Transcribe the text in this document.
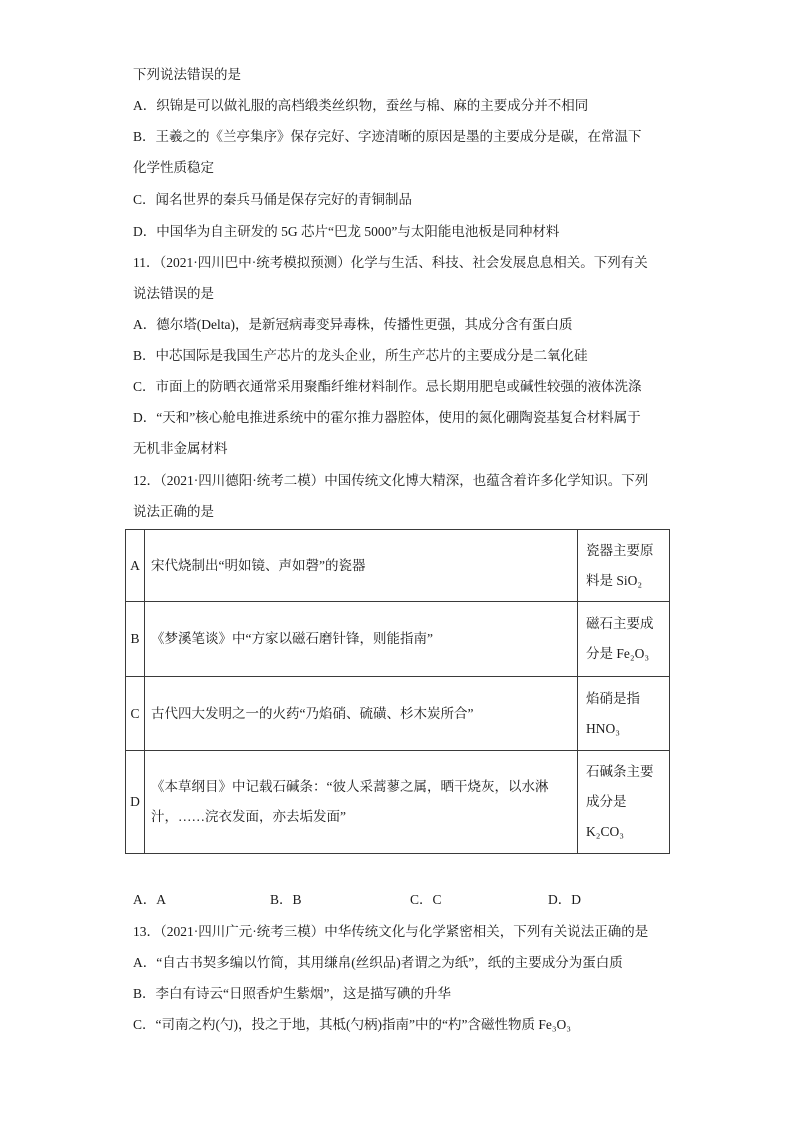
下列说法错误的是
A．织锦是可以做礼服的高档缎类丝织物，蚕丝与棉、麻的主要成分并不相同
B．王羲之的《兰亭集序》保存完好、字迹清晰的原因是墨的主要成分是碳，在常温下
化学性质稳定
C．闻名世界的秦兵马俑是保存完好的青铜制品
D．中国华为自主研发的 5G 芯片“巴龙 5000”与太阳能电池板是同种材料
11．（2021·四川巴中·统考模拟预测）化学与生活、科技、社会发展息息相关。下列有关
说法错误的是
A．德尔塔(Delta)，是新冠病毒变异毒株，传播性更强，其成分含有蛋白质
B．中芯国际是我国生产芯片的龙头企业，所生产芯片的主要成分是二氧化硅
C．市面上的防晒衣通常采用聚酯纤维材料制作。忌长期用肥皂或碱性较强的液体洗涤
D．“天和”核心舱电推进系统中的霍尔推力器腔体，使用的氮化硼陶瓷基复合材料属于
无机非金属材料
12．（2021·四川德阳·统考二模）中国传统文化博大精深，也蕴含着许多化学知识。下列
说法正确的是
A	宋代烧制出“明如镜、声如磬”的瓷器	瓷器主要原料是 SiO₂
B	《梦溪笔谈》中“方家以磁石磨针锋，则能指南”	磁石主要成分是 Fe₂O₃
C	古代四大发明之一的火药“乃焰硝、硫磺、杉木炭所合”	焰硝是指 HNO₃
D	《本草纲目》中记载石碱条：“彼人采蒿蓼之属，晒干烧灰，以水淋汁，……浣衣发面，亦去垢发面”	石碱条主要成分是 K₂CO₃
A．A	B．B	C．C	D．D
13．（2021·四川广元·统考三模）中华传统文化与化学紧密相关，下列有关说法正确的是
A．“自古书契多编以竹简，其用缣帛(丝织品)者谓之为纸”，纸的主要成分为蛋白质
B．李白有诗云“日照香炉生紫烟”，这是描写碘的升华
C．“司南之杓(勺)，投之于地，其柢(勺柄)指南”中的“杓”含磁性物质 Fe₃O₃
